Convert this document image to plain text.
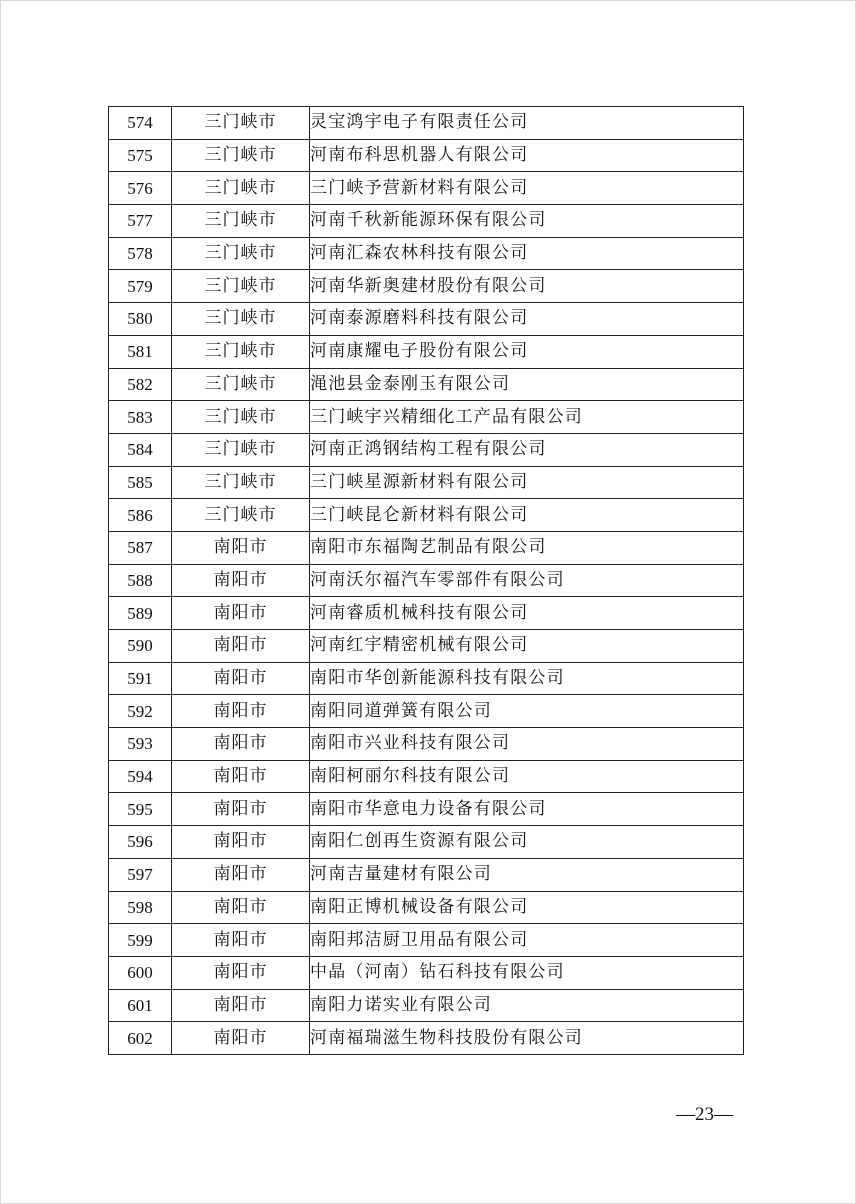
574	三门峡市	灵宝鸿宇电子有限责任公司
575	三门峡市	河南布科思机器人有限公司
576	三门峡市	三门峡予营新材料有限公司
577	三门峡市	河南千秋新能源环保有限公司
578	三门峡市	河南汇森农林科技有限公司
579	三门峡市	河南华新奥建材股份有限公司
580	三门峡市	河南泰源磨料科技有限公司
581	三门峡市	河南康耀电子股份有限公司
582	三门峡市	渑池县金泰刚玉有限公司
583	三门峡市	三门峡宇兴精细化工产品有限公司
584	三门峡市	河南正鸿钢结构工程有限公司
585	三门峡市	三门峡星源新材料有限公司
586	三门峡市	三门峡昆仑新材料有限公司
587	南阳市	南阳市东福陶艺制品有限公司
588	南阳市	河南沃尔福汽车零部件有限公司
589	南阳市	河南睿质机械科技有限公司
590	南阳市	河南红宇精密机械有限公司
591	南阳市	南阳市华创新能源科技有限公司
592	南阳市	南阳同道弹簧有限公司
593	南阳市	南阳市兴业科技有限公司
594	南阳市	南阳柯丽尔科技有限公司
595	南阳市	南阳市华意电力设备有限公司
596	南阳市	南阳仁创再生资源有限公司
597	南阳市	河南吉量建材有限公司
598	南阳市	南阳正博机械设备有限公司
599	南阳市	南阳邦洁厨卫用品有限公司
600	南阳市	中晶（河南）钻石科技有限公司
601	南阳市	南阳力诺实业有限公司
602	南阳市	河南福瑞滋生物科技股份有限公司
—23—
